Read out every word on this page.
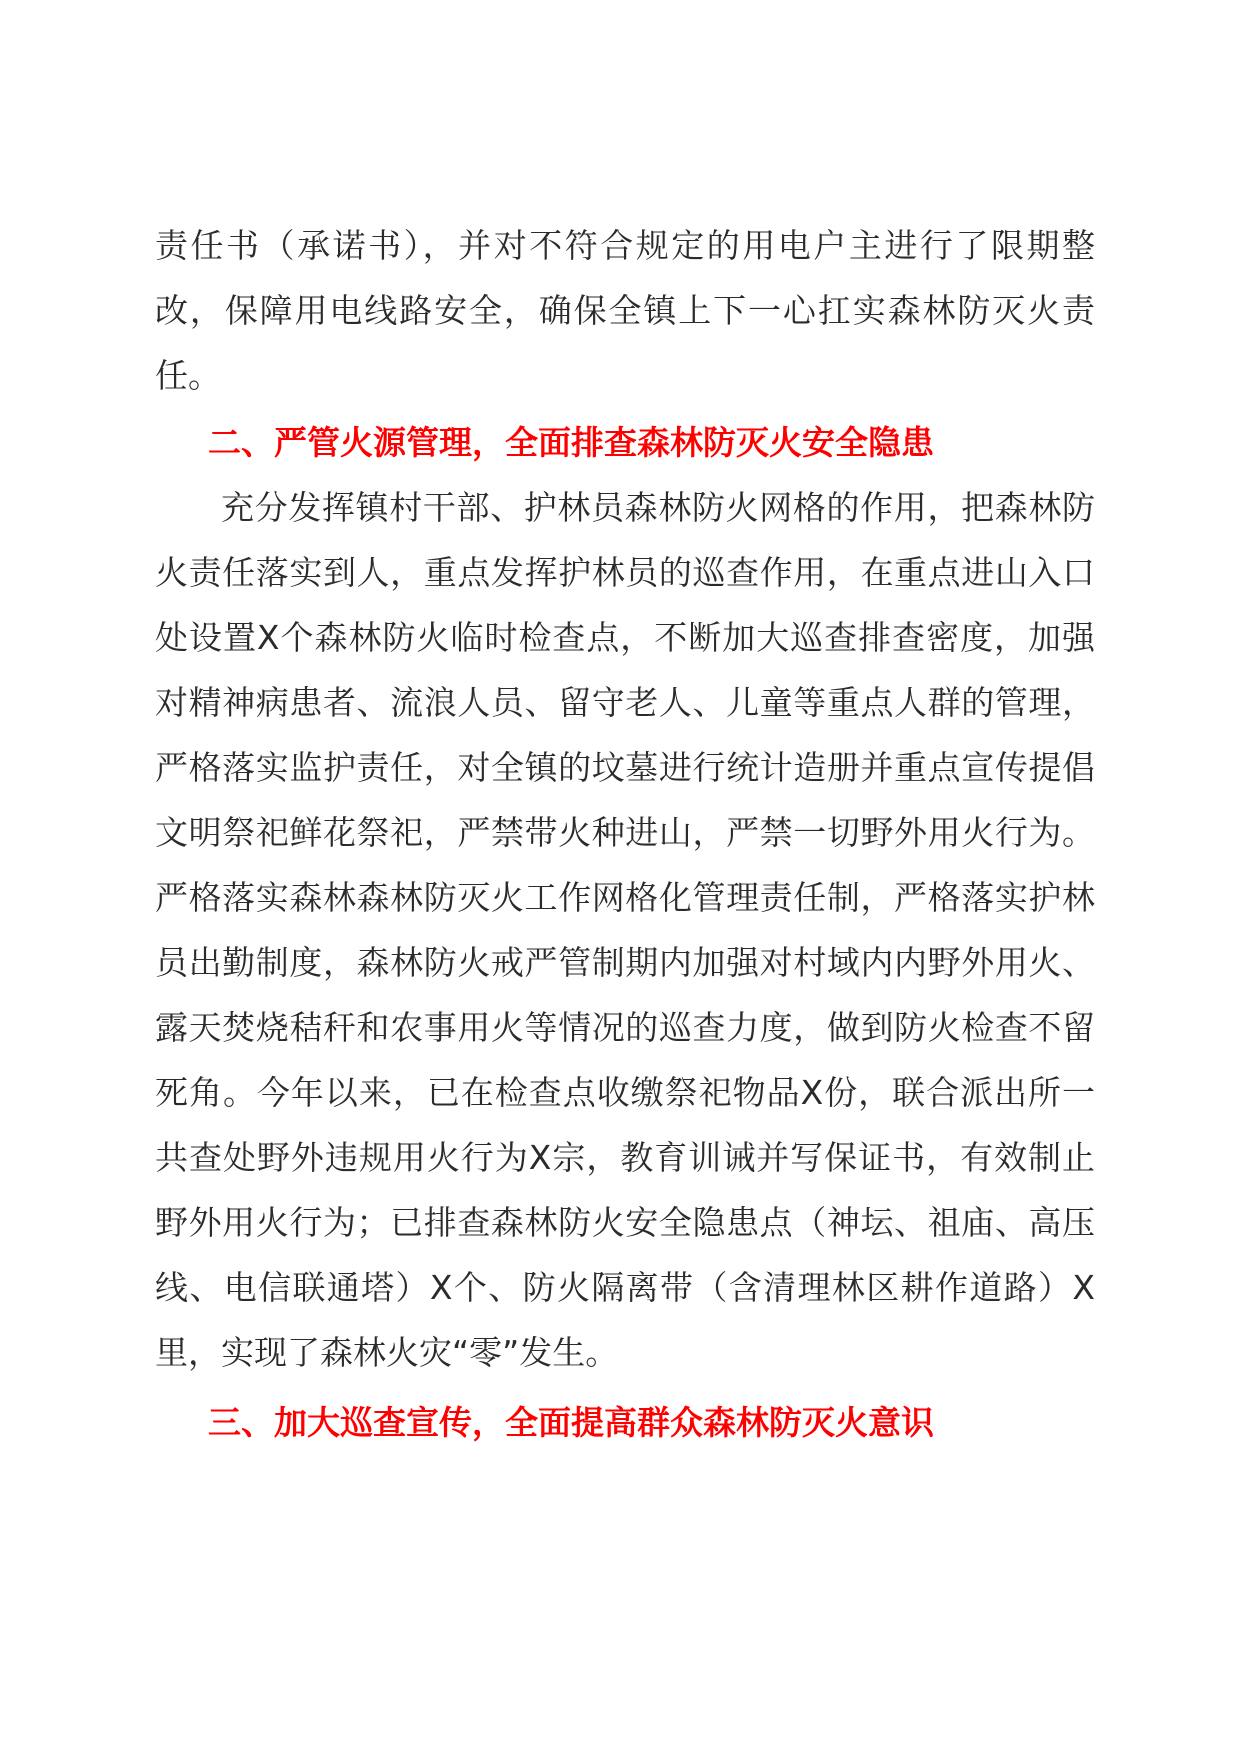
责任书（承诺书），并对不符合规定的用电户主进行了限期整改，保障用电线路安全，确保全镇上下一心扛实森林防灭火责任。

二、严管火源管理，全面排查森林防灭火安全隐患

充分发挥镇村干部、护林员森林防火网格的作用，把森林防火责任落实到人，重点发挥护林员的巡查作用，在重点进山入口处设置X个森林防火临时检查点，不断加大巡查排查密度，加强对精神病患者、流浪人员、留守老人、儿童等重点人群的管理，严格落实监护责任，对全镇的坟墓进行统计造册并重点宣传提倡文明祭祀鲜花祭祀，严禁带火种进山，严禁一切野外用火行为。严格落实森林森林防灭火工作网格化管理责任制，严格落实护林员出勤制度，森林防火戒严管制期内加强对村域内内野外用火、露天焚烧秸秆和农事用火等情况的巡查力度，做到防火检查不留死角。今年以来，已在检查点收缴祭祀物品X份，联合派出所一共查处野外违规用火行为X宗，教育训诫并写保证书，有效制止野外用火行为；已排查森林防火安全隐患点（神坛、祖庙、高压线、电信联通塔）X个、防火隔离带（含清理林区耕作道路）X里，实现了森林火灾“零”发生。

三、加大巡查宣传，全面提高群众森林防灭火意识
